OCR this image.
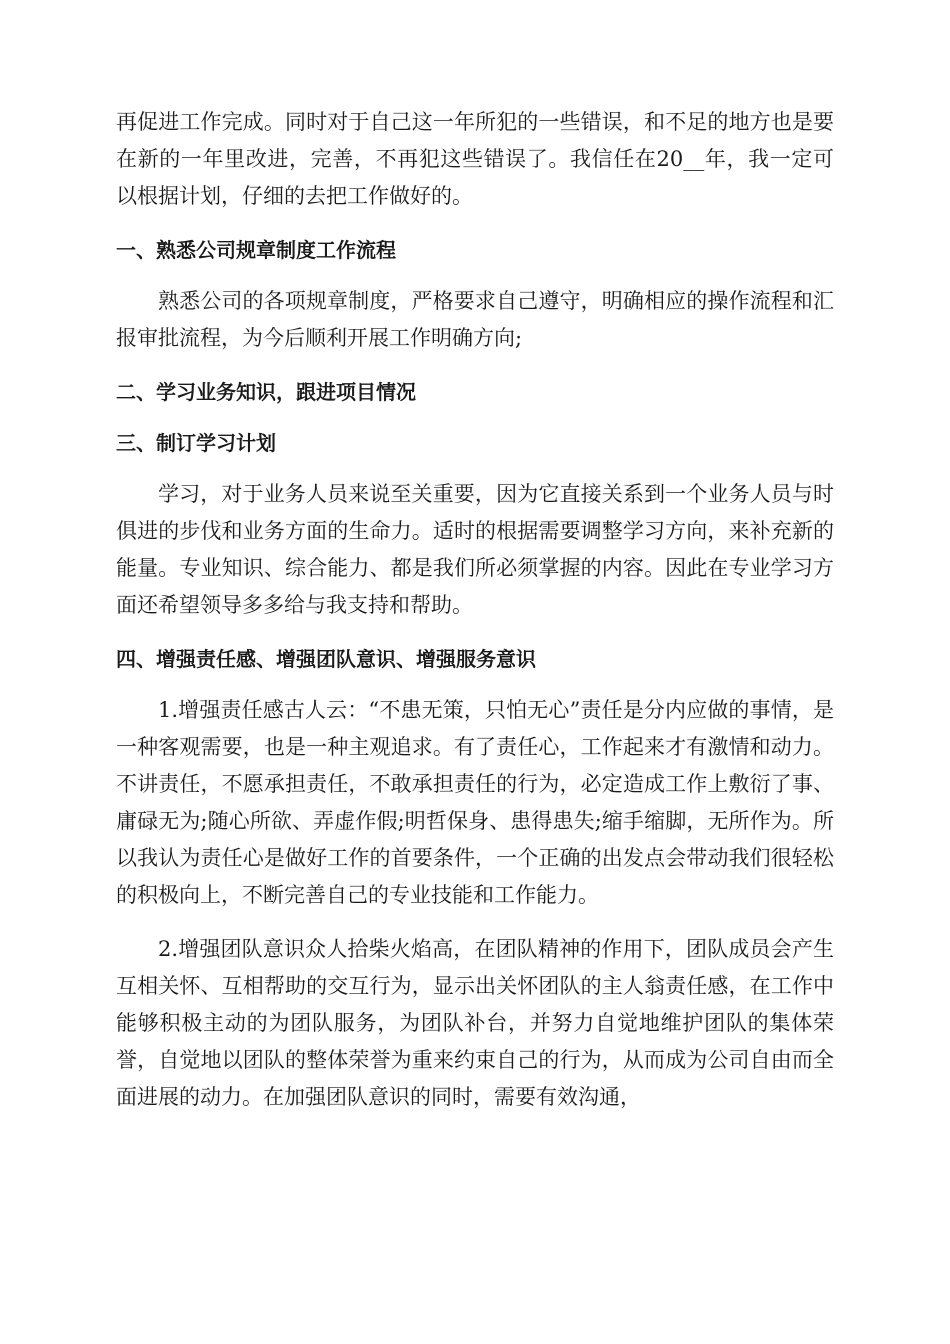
再促进工作完成。同时对于自己这一年所犯的一些错误，和不足的地方也是要在新的一年里改进，完善，不再犯这些错误了。我信任在20__年，我一定可以根据计划，仔细的去把工作做好的。

一、熟悉公司规章制度工作流程

熟悉公司的各项规章制度，严格要求自己遵守，明确相应的操作流程和汇报审批流程，为今后顺利开展工作明确方向;

二、学习业务知识，跟进项目情况
三、制订学习计划

学习，对于业务人员来说至关重要，因为它直接关系到一个业务人员与时俱进的步伐和业务方面的生命力。适时的根据需要调整学习方向，来补充新的能量。专业知识、综合能力、都是我们所必须掌握的内容。因此在专业学习方面还希望领导多多给与我支持和帮助。

四、增强责任感、增强团队意识、增强服务意识

1.增强责任感古人云：“不患无策，只怕无心”责任是分内应做的事情，是一种客观需要，也是一种主观追求。有了责任心，工作起来才有激情和动力。不讲责任，不愿承担责任，不敢承担责任的行为，必定造成工作上敷衍了事、庸碌无为;随心所欲、弄虚作假;明哲保身、患得患失;缩手缩脚，无所作为。所以我认为责任心是做好工作的首要条件，一个正确的出发点会带动我们很轻松的积极向上，不断完善自己的专业技能和工作能力。

2.增强团队意识众人拾柴火焰高，在团队精神的作用下，团队成员会产生互相关怀、互相帮助的交互行为，显示出关怀团队的主人翁责任感，在工作中能够积极主动的为团队服务，为团队补台，并努力自觉地维护团队的集体荣誉，自觉地以团队的整体荣誉为重来约束自己的行为，从而成为公司自由而全面进展的动力。在加强团队意识的同时，需要有效沟通，
